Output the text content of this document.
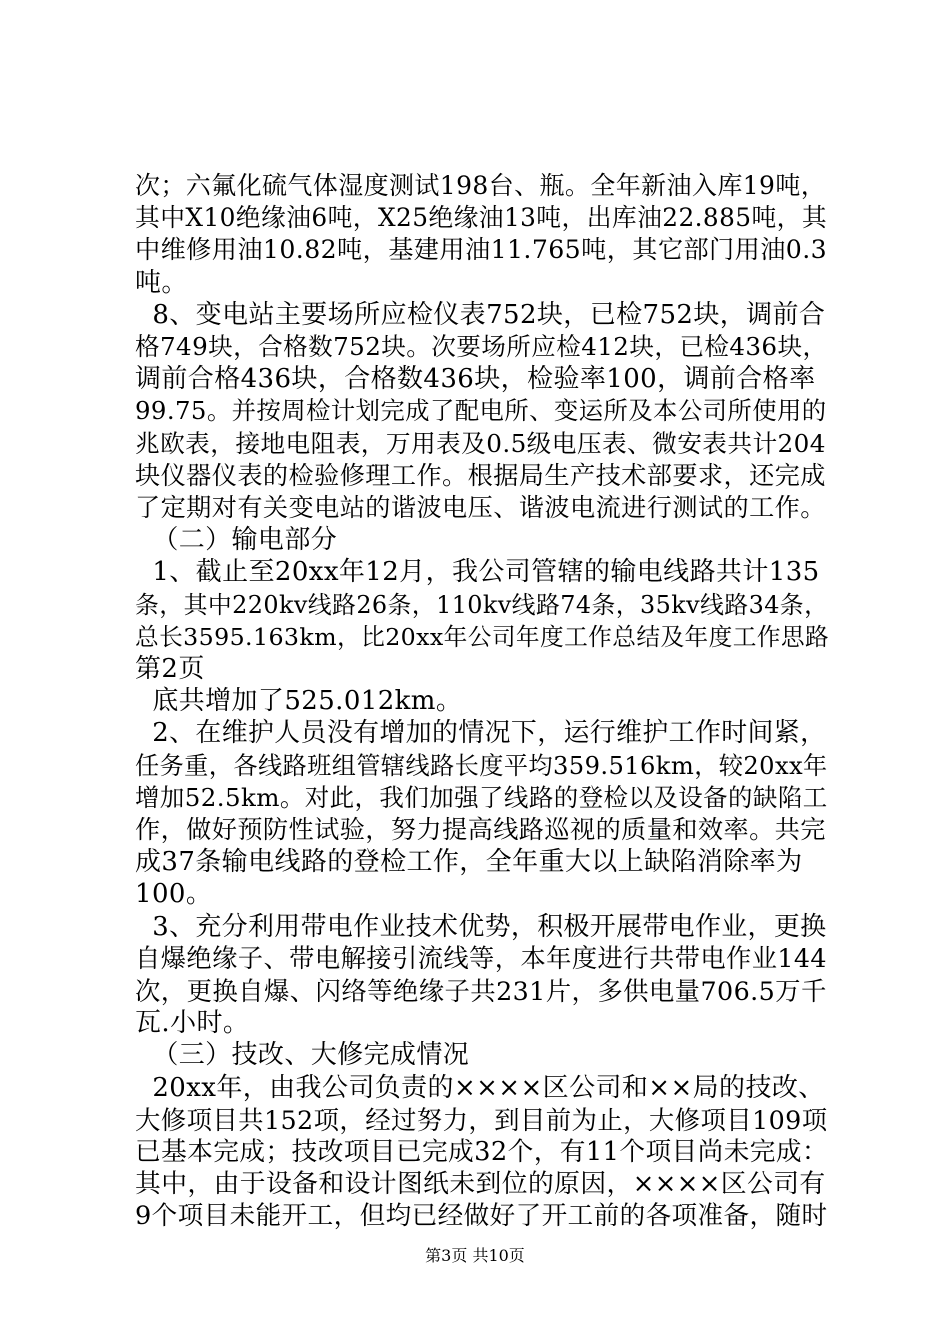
次；六氟化硫气体湿度测试198台、瓶。全年新油入库19吨，
其中X10绝缘油6吨，X25绝缘油13吨，出库油22.885吨，其
中维修用油10.82吨，基建用油11.765吨，其它部门用油0.3
吨。
8、变电站主要场所应检仪表752块，已检752块，调前合
格749块，合格数752块。次要场所应检412块，已检436块，
调前合格436块，合格数436块，检验率100，调前合格率
99.75。并按周检计划完成了配电所、变运所及本公司所使用的
兆欧表，接地电阻表，万用表及0.5级电压表、微安表共计204
块仪器仪表的检验修理工作。根据局生产技术部要求，还完成
了定期对有关变电站的谐波电压、谐波电流进行测试的工作。
（二）输电部分
1、截止至20xx年12月，我公司管辖的输电线路共计135
条，其中220kv线路26条，110kv线路74条，35kv线路34条，
总长3595.163km，比20xx年公司年度工作总结及年度工作思路
第2页
底共增加了525.012km。
2、在维护人员没有增加的情况下，运行维护工作时间紧，
任务重，各线路班组管辖线路长度平均359.516km，较20xx年
增加52.5km。对此，我们加强了线路的登检以及设备的缺陷工
作，做好预防性试验，努力提高线路巡视的质量和效率。共完
成37条输电线路的登检工作，全年重大以上缺陷消除率为
100。
3、充分利用带电作业技术优势，积极开展带电作业，更换
自爆绝缘子、带电解接引流线等，本年度进行共带电作业144
次，更换自爆、闪络等绝缘子共231片，多供电量706.5万千
瓦.小时。
（三）技改、大修完成情况
20xx年，由我公司负责的××××区公司和××局的技改、
大修项目共152项，经过努力，到目前为止，大修项目109项
已基本完成；技改项目已完成32个，有11个项目尚未完成：
其中，由于设备和设计图纸未到位的原因，××××区公司有
9个项目未能开工，但均已经做好了开工前的各项准备，随时
第3页 共10页
